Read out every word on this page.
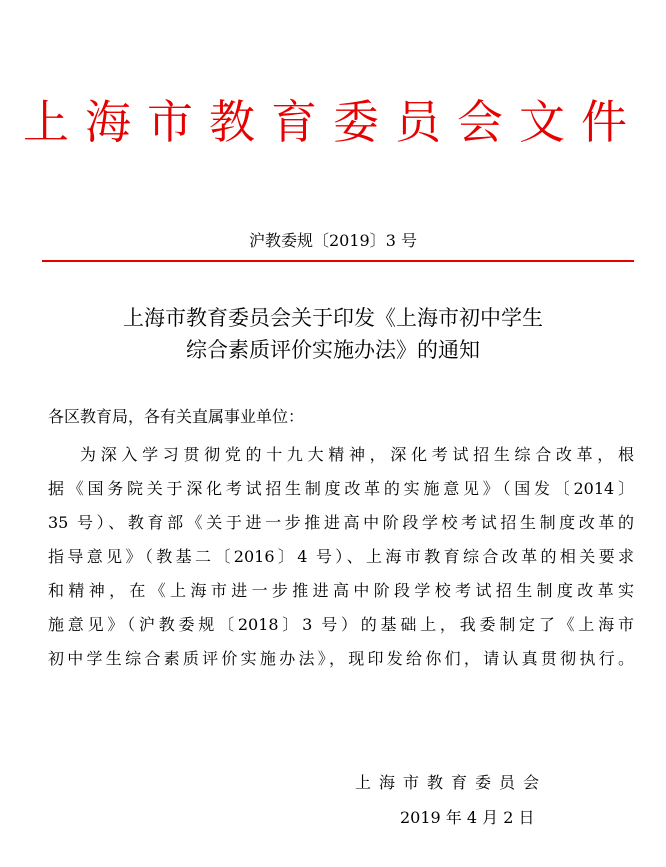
上海市教育委员会文件
沪教委规〔2019〕3 号
上海市教育委员会关于印发《上海市初中学生
综合素质评价实施办法》的通知
各区教育局，各有关直属事业单位：
为深入学习贯彻党的十九大精神，深化考试招生综合改革，根
据《国务院关于深化考试招生制度改革的实施意见》（国发〔2014〕
35 号）、教育部《关于进一步推进高中阶段学校考试招生制度改革的
指导意见》（教基二〔2016〕4 号）、上海市教育综合改革的相关要求
和精神，在《上海市进一步推进高中阶段学校考试招生制度改革实
施意见》（沪教委规〔2018〕3 号）的基础上，我委制定了《上海市
初中学生综合素质评价实施办法》，现印发给你们，请认真贯彻执行。
上海市教育委员会
2019 年 4 月 2 日
